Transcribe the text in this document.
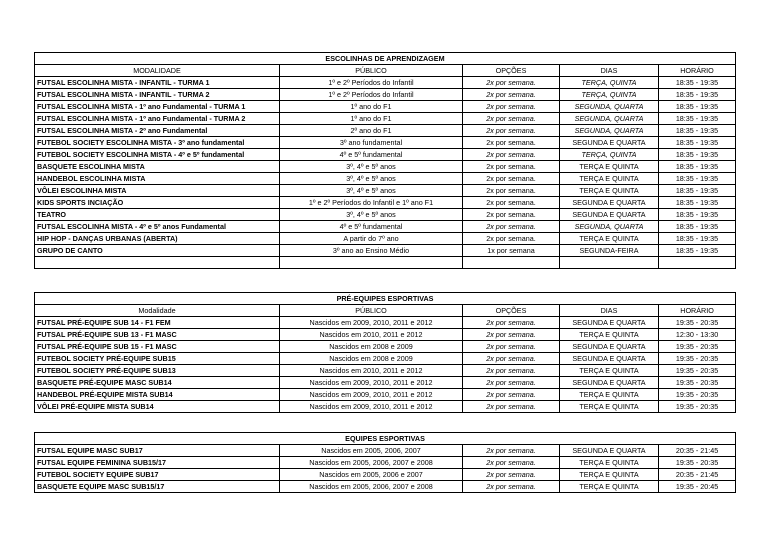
ESCOLINHAS DE APRENDIZAGEM				
MODALIDADE	PÚBLICO	OPÇÕES	DIAS	HORÁRIO
FUTSAL ESCOLINHA MISTA - INFANTIL - TURMA 1	1º e 2º Períodos do Infantil	2x por semana.	TERÇA, QUINTA	18:35 - 19:35
FUTSAL ESCOLINHA MISTA - INFANTIL - TURMA 2	1º e 2º Períodos do Infantil	2x por semana.	TERÇA, QUINTA	18:35 - 19:35
FUTSAL ESCOLINHA MISTA - 1º ano Fundamental - TURMA 1	1º ano do F1	2x por semana.	SEGUNDA, QUARTA	18:35 - 19:35
FUTSAL ESCOLINHA MISTA - 1º ano Fundamental - TURMA 2	1º ano do F1	2x por semana.	SEGUNDA, QUARTA	18:35 - 19:35
FUTSAL ESCOLINHA MISTA - 2º ano Fundamental	2º ano do F1	2x por semana.	SEGUNDA, QUARTA	18:35 - 19:35
FUTEBOL SOCIETY ESCOLINHA MISTA - 3º ano fundamental	3º ano fundamental	2x por semana.	SEGUNDA E QUARTA	18:35 - 19:35
FUTEBOL SOCIETY ESCOLINHA MISTA - 4º e 5º fundamental	4º e 5º fundamental	2x por semana.	TERÇA, QUINTA	18:35 - 19:35
BASQUETE ESCOLINHA MISTA	3º, 4º e 5º anos	2x por semana.	TERÇA E QUINTA	18:35 - 19:35
HANDEBOL ESCOLINHA MISTA	3º, 4º e 5º anos	2x por semana.	TERÇA E QUINTA	18:35 - 19:35
VÔLEI ESCOLINHA MISTA	3º, 4º e 5º anos	2x por semana.	TERÇA E QUINTA	18:35 - 19:35
KIDS SPORTS INCIAÇÃO	1º e 2º Períodos do Infantil e 1º ano F1	2x por semana.	SEGUNDA E QUARTA	18:35 - 19:35
TEATRO	3º, 4º e 5º anos	2x por semana.	SEGUNDA E QUARTA	18:35 - 19:35
FUTSAL ESCOLINHA MISTA - 4º e 5º anos Fundamental	4º e 5º fundamental	2x por semana.	SEGUNDA, QUARTA	18:35 - 19:35
HIP HOP - DANÇAS URBANAS (ABERTA)	A partir do 7º ano	2x por semana.	TERÇA E QUINTA	18:35 - 19:35
GRUPO DE CANTO	3º ano ao Ensino Médio	1x por semana	SEGUNDA-FEIRA	18:35 - 19:35

PRÉ-EQUIPES ESPORTIVAS				
Modalidade	PÚBLICO	OPÇÕES	DIAS	HORÁRIO
FUTSAL PRÉ-EQUIPE SUB 14 - F1 FEM	Nascidos em 2009, 2010, 2011 e 2012	2x por semana.	SEGUNDA E QUARTA	19:35 - 20:35
FUTSAL PRÉ-EQUIPE SUB 13 - F1 MASC	Nascidos em 2010, 2011 e 2012	2x por semana.	TERÇA E QUINTA	12:30 - 13:30
FUTSAL PRÉ-EQUIPE SUB 15 - F1 MASC	Nascidos em 2008 e 2009	2x por semana.	SEGUNDA E QUARTA	19:35 - 20:35
FUTEBOL SOCIETY PRÉ-EQUIPE SUB15	Nascidos em 2008 e 2009	2x por semana.	SEGUNDA E QUARTA	19:35 - 20:35
FUTEBOL SOCIETY PRÉ-EQUIPE SUB13	Nascidos em 2010, 2011 e 2012	2x por semana.	TERÇA E QUINTA	19:35 - 20:35
BASQUETE PRÉ-EQUIPE MASC SUB14	Nascidos em 2009, 2010, 2011 e 2012	2x por semana.	SEGUNDA E QUARTA	19:35 - 20:35
HANDEBOL PRÉ-EQUIPE MISTA SUB14	Nascidos em 2009, 2010, 2011 e 2012	2x por semana.	TERÇA E QUINTA	19:35 - 20:35
VÔLEI PRÉ-EQUIPE MISTA SUB14	Nascidos em 2009, 2010, 2011 e 2012	2x por semana.	TERÇA E QUINTA	19:35 - 20:35
EQUIPES ESPORTIVAS				
FUTSAL EQUIPE MASC SUB17	Nascidos em 2005, 2006, 2007	2x por semana.	SEGUNDA E QUARTA	20:35 - 21:45
FUTSAL EQUIPE FEMININA SUB15/17	Nascidos em 2005, 2006, 2007 e 2008	2x por semana.	TERÇA E QUINTA	19:35 - 20:35
FUTEBOL SOCIETY EQUIPE SUB17	Nascidos em 2005, 2006 e 2007	2x por semana.	TERÇA E QUINTA	20:35 - 21:45
BASQUETE EQUIPE MASC SUB15/17	Nascidos em 2005, 2006, 2007 e 2008	2x por semana.	TERÇA E QUINTA	19:35 - 20:45
